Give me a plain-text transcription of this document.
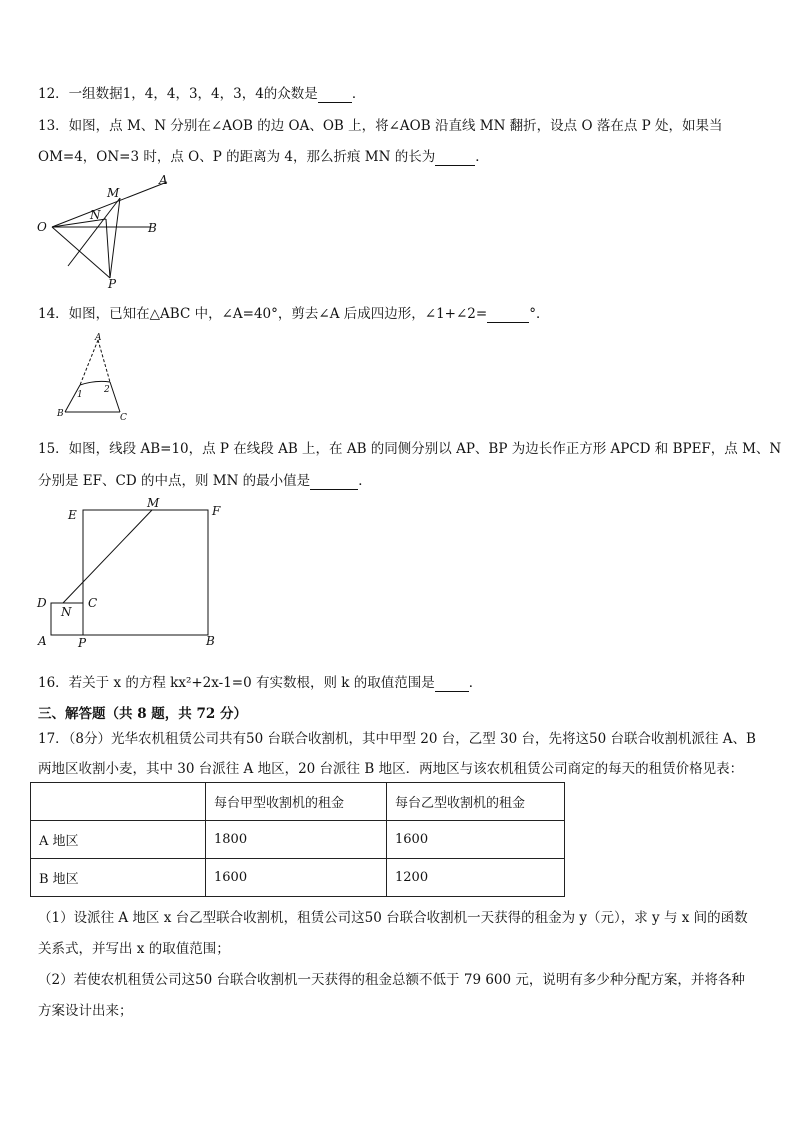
12．一组数据1，4，4，3，4，3，4的众数是	．
13．如图，点 M、N 分别在∠AOB 的边 OA、OB 上，将∠AOB 沿直线 MN 翻折，设点 O 落在点 P 处，如果当
OM=4，ON=3 时，点 O、P 的距离为 4，那么折痕 MN 的长为	．
O
M
N
A
B
P
14．如图，已知在△ABC 中，∠A=40°，剪去∠A 后成四边形，∠1+∠2=	°．
A
B	C
1 2
15．如图，线段 AB=10，点 P 在线段 AB 上，在 AB 的同侧分别以 AP、BP 为边长作正方形 APCD 和 BPEF，点 M、N
分别是 EF、CD 的中点，则 MN 的最小值是	．
E
M
F
D
N
C
A	P	B
16．若关于 x 的方程 kx²+2x-1=0 有实数根，则 k 的取值范围是	．
三、解答题（共 8 题，共 72 分）
17．（8分）光华农机租赁公司共有50 台联合收割机，其中甲型 20 台，乙型 30 台，先将这50 台联合收割机派往 A、B
两地区收割小麦，其中 30 台派往 A 地区，20 台派往 B 地区．两地区与该农机租赁公司商定的每天的租赁价格见表：
	每台甲型收割机的租金	每台乙型收割机的租金
A 地区	1800	1600
B 地区	1600	1200
（1）设派往 A 地区 x 台乙型联合收割机，租赁公司这50 台联合收割机一天获得的租金为 y（元），求 y 与 x 间的函数
关系式，并写出 x 的取值范围；
（2）若使农机租赁公司这50 台联合收割机一天获得的租金总额不低于 79 600 元，说明有多少种分配方案，并将各种
方案设计出来；
